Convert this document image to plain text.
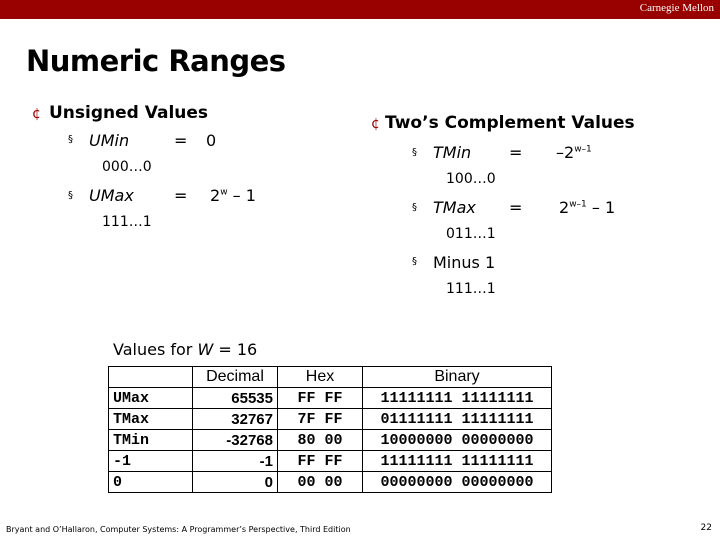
Carnegie Mellon
Numeric Ranges
¢ Unsigned Values
§ UMin	= 0
000…0
§ UMax	= $2^w - 1$
111…1
¢ Two’s Complement Values
§ TMin = $-2^{w-1}$
100…0
§ TMax = $2^{w-1} - 1$
011…1
§ Minus 1
111…1
Values for W = 16
	Decimal	Hex	Binary
UMax	65535	FF FF	11111111 11111111
TMax	32767	7F FF	01111111 11111111
TMin	-32768	80 00	10000000 00000000
-1	-1	FF FF	11111111 11111111
0	0	00 00	00000000 00000000
Bryant and O’Hallaron, Computer Systems: A Programmer’s Perspective, Third Edition	22
